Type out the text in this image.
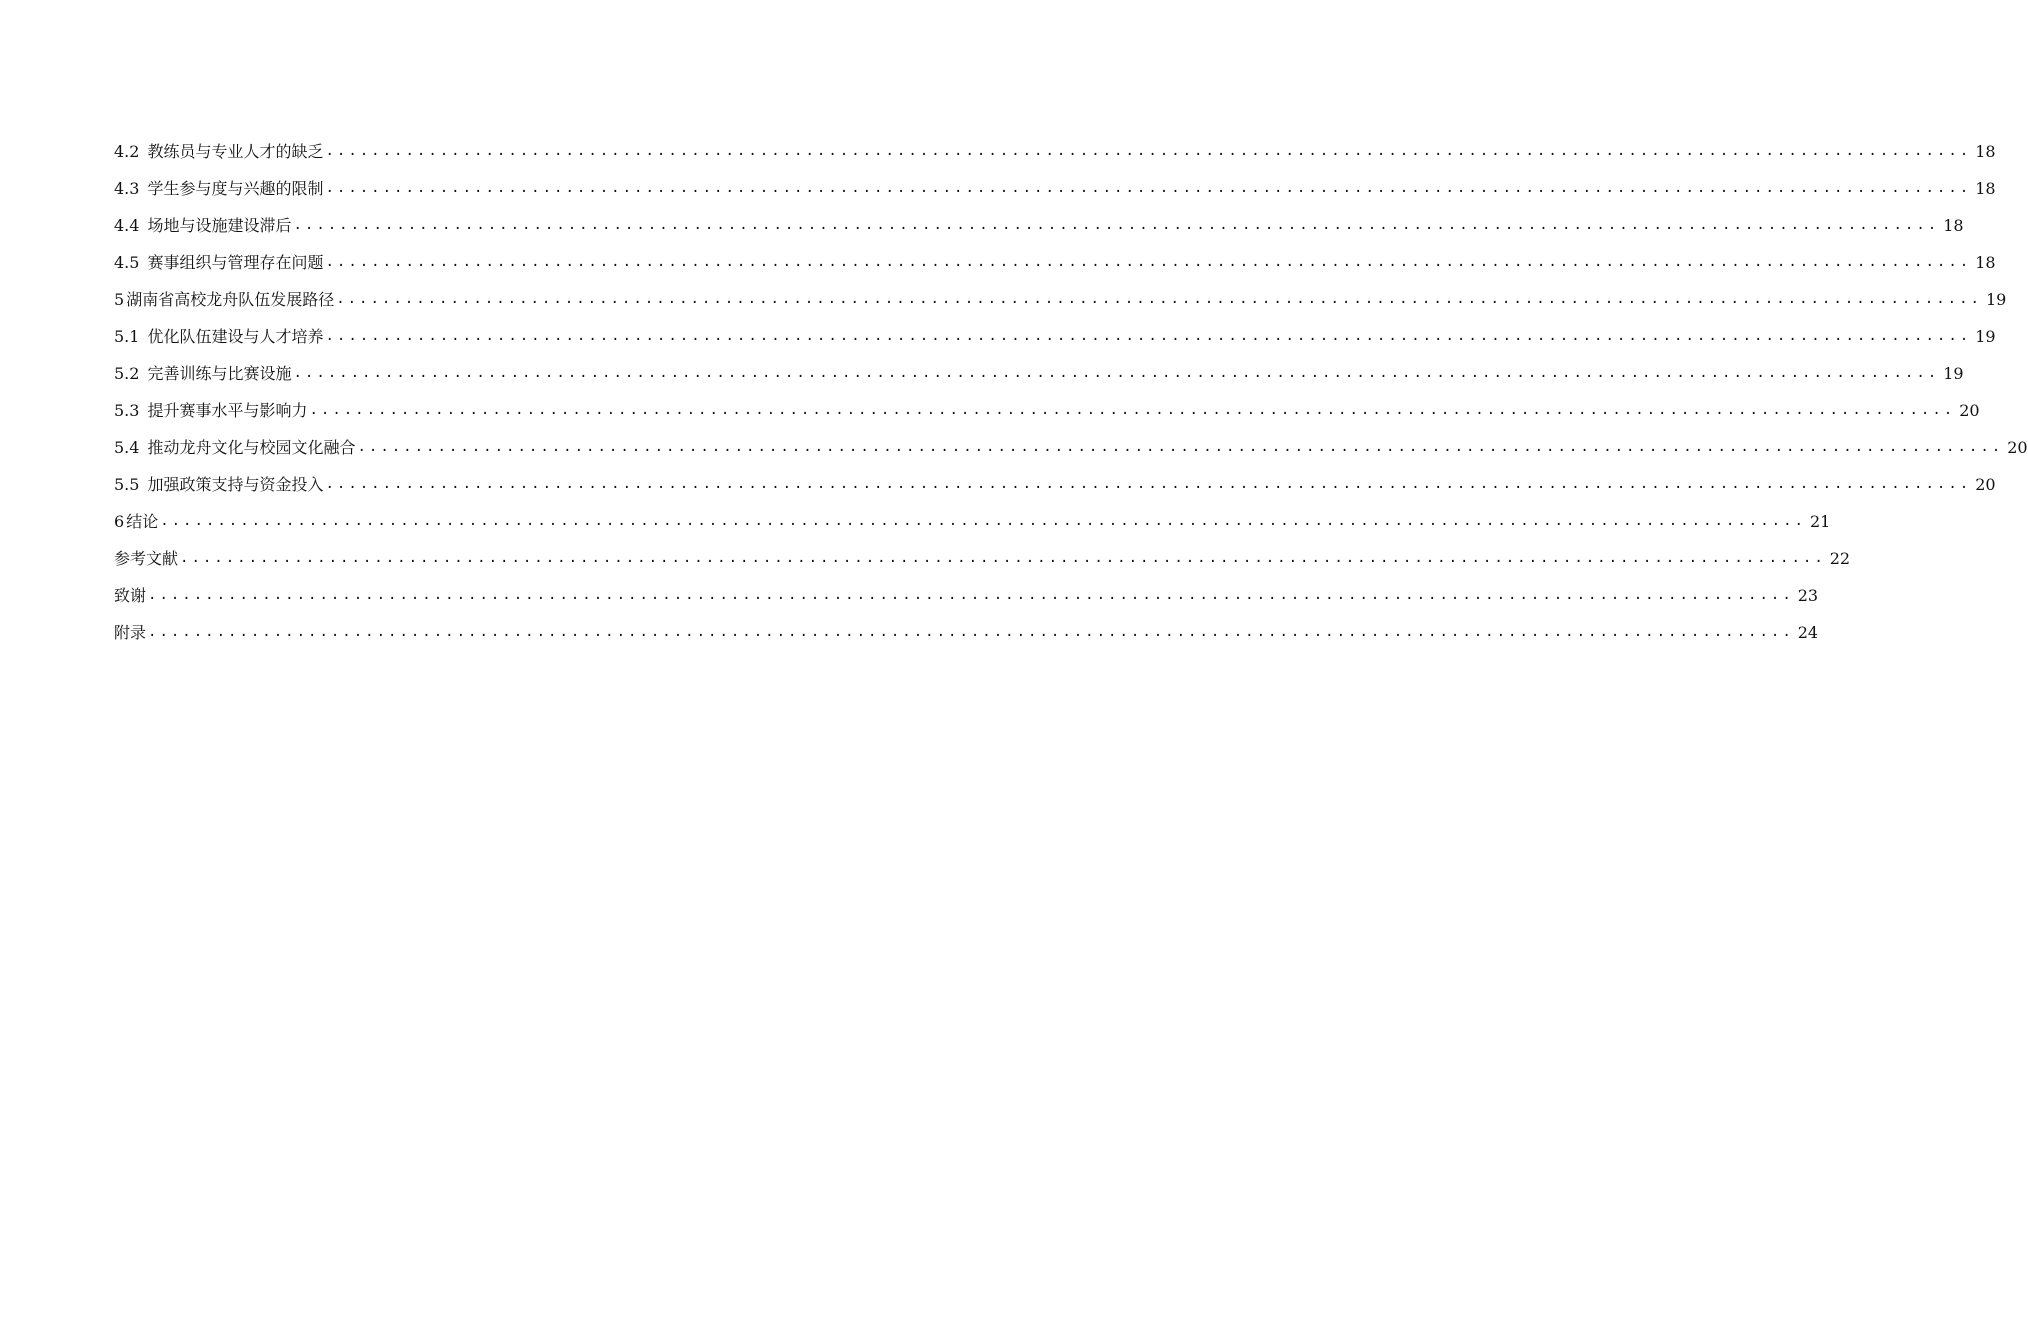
4.2 教练员与专业人才的缺乏 ................................................................................................................................................ 18
4.3 学生参与度与兴趣的限制 ................................................................................................................................................ 18
4.4 场地与设施建设滞后 ................................................................................................................................................ 18
4.5 赛事组织与管理存在问题 ................................................................................................................................................ 18
5 湖南省高校龙舟队伍发展路径 ................................................................................................................................................ 19
5.1 优化队伍建设与人才培养 ................................................................................................................................................ 19
5.2 完善训练与比赛设施 ................................................................................................................................................ 19
5.3 提升赛事水平与影响力 ................................................................................................................................................ 20
5.4 推动龙舟文化与校园文化融合 ................................................................................................................................................ 20
5.5 加强政策支持与资金投入 ................................................................................................................................................ 20
6 结论 ................................................................................................................................................ 21
参考文献 ................................................................................................................................................ 22
致谢 ................................................................................................................................................ 23
附录 ................................................................................................................................................ 24
